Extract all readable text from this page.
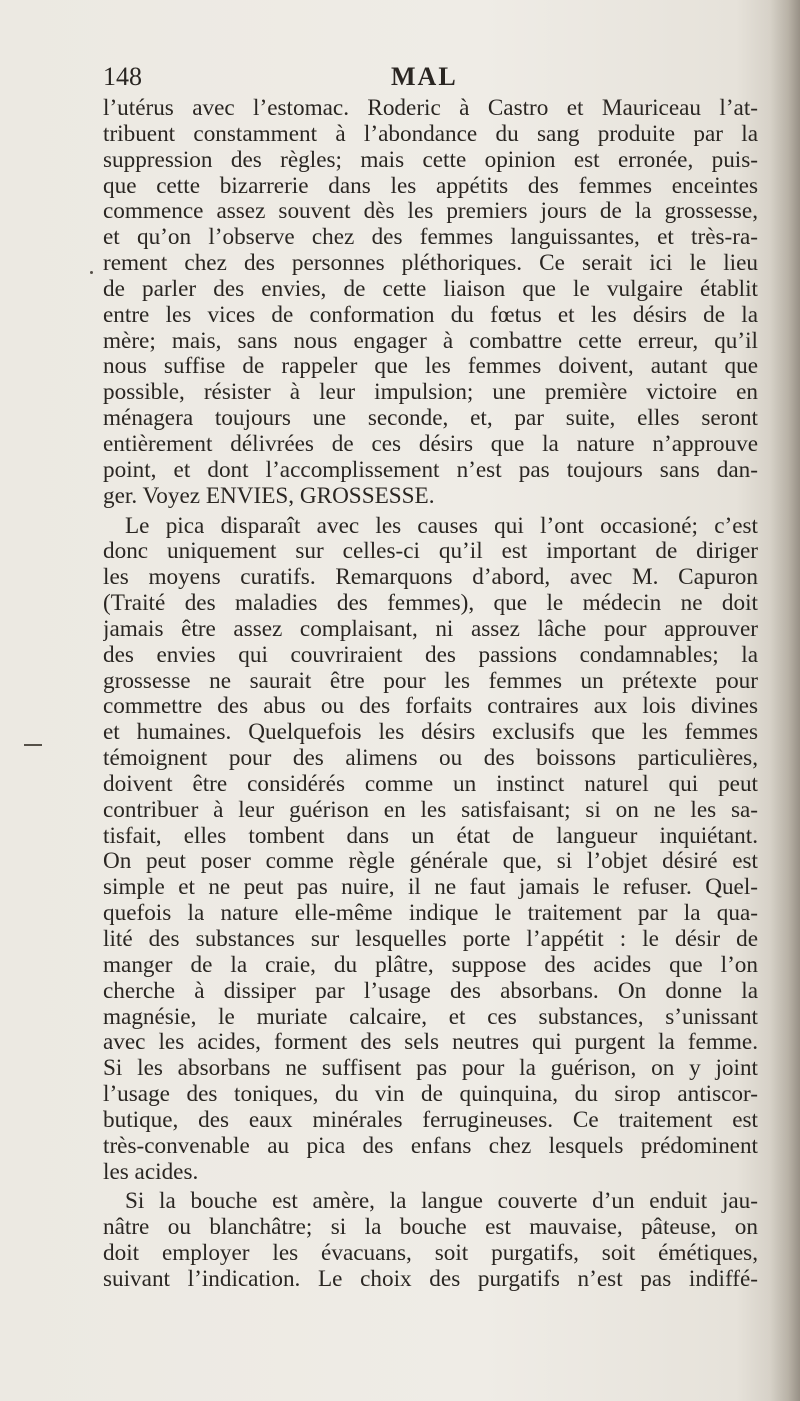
148	MAL
l’utérus avec l’estomac. Roderic à Castro et Mauriceau l’at-
tribuent constamment à l’abondance du sang produite par la
suppression des règles; mais cette opinion est erronée, puis-
que cette bizarrerie dans les appétits des femmes enceintes
commence assez souvent dès les premiers jours de la grossesse,
et qu’on l’observe chez des femmes languissantes, et très-ra-
rement chez des personnes pléthoriques. Ce serait ici le lieu
de parler des envies, de cette liaison que le vulgaire établit
entre les vices de conformation du fœtus et les désirs de la
mère; mais, sans nous engager à combattre cette erreur, qu’il
nous suffise de rappeler que les femmes doivent, autant que
possible, résister à leur impulsion; une première victoire en
ménagera toujours une seconde, et, par suite, elles seront
entièrement délivrées de ces désirs que la nature n’approuve
point, et dont l’accomplissement n’est pas toujours sans dan-
ger. Voyez ENVIES, GROSSESSE.
Le pica disparaît avec les causes qui l’ont occasioné; c’est
donc uniquement sur celles-ci qu’il est important de diriger
les moyens curatifs. Remarquons d’abord, avec M. Capuron
(Traité des maladies des femmes), que le médecin ne doit
jamais être assez complaisant, ni assez lâche pour approuver
des envies qui couvriraient des passions condamnables; la
grossesse ne saurait être pour les femmes un prétexte pour
commettre des abus ou des forfaits contraires aux lois divines
et humaines. Quelquefois les désirs exclusifs que les femmes
témoignent pour des alimens ou des boissons particulières,
doivent être considérés comme un instinct naturel qui peut
contribuer à leur guérison en les satisfaisant; si on ne les sa-
tisfait, elles tombent dans un état de langueur inquiétant.
On peut poser comme règle générale que, si l’objet désiré est
simple et ne peut pas nuire, il ne faut jamais le refuser. Quel-
quefois la nature elle-même indique le traitement par la qua-
lité des substances sur lesquelles porte l’appétit : le désir de
manger de la craie, du plâtre, suppose des acides que l’on
cherche à dissiper par l’usage des absorbans. On donne la
magnésie, le muriate calcaire, et ces substances, s’unissant
avec les acides, forment des sels neutres qui purgent la femme.
Si les absorbans ne suffisent pas pour la guérison, on y joint
l’usage des toniques, du vin de quinquina, du sirop antiscor-
butique, des eaux minérales ferrugineuses. Ce traitement est
très-convenable au pica des enfans chez lesquels prédominent
les acides.
Si la bouche est amère, la langue couverte d’un enduit jau-
nâtre ou blanchâtre; si la bouche est mauvaise, pâteuse, on
doit employer les évacuans, soit purgatifs, soit émétiques,
suivant l’indication. Le choix des purgatifs n’est pas indiffé-
